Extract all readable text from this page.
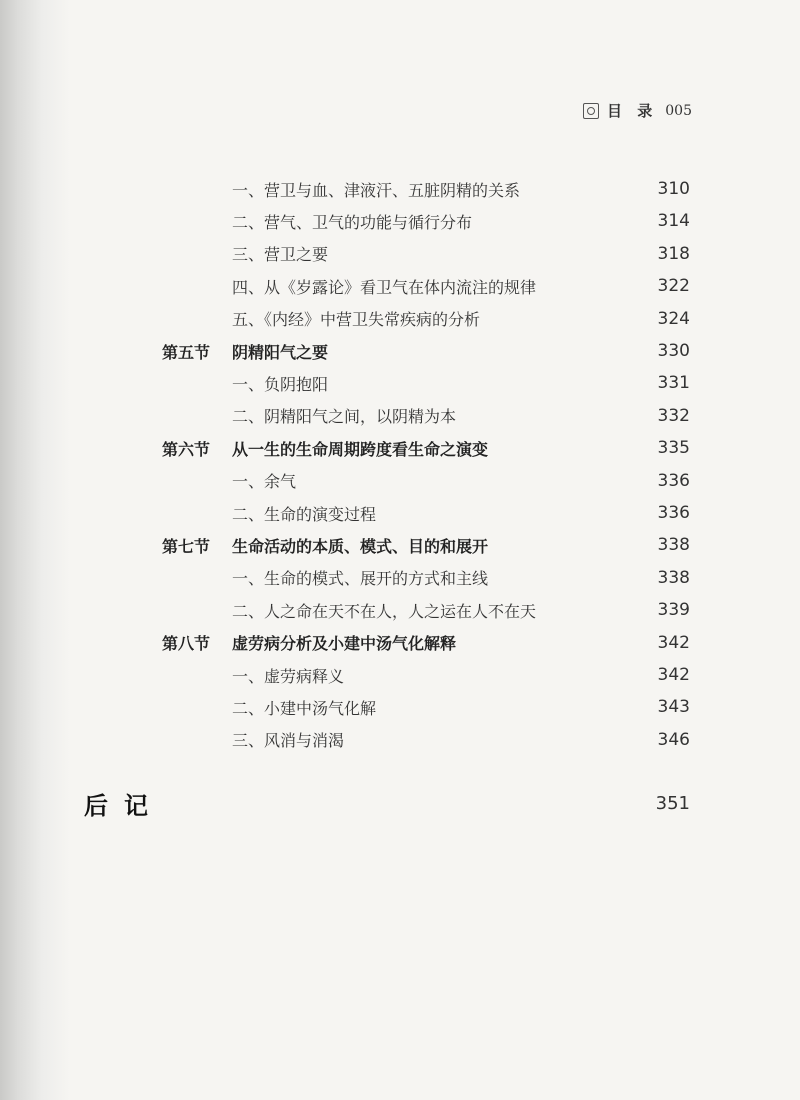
目 录 005
一、营卫与血、津液汗、五脏阴精的关系	310
二、营气、卫气的功能与循行分布	314
三、营卫之要	318
四、从《岁露论》看卫气在体内流注的规律	322
五、《内经》中营卫失常疾病的分析	324
第五节 阴精阳气之要	330
一、负阴抱阳	331
二、阴精阳气之间，以阴精为本	332
第六节 从一生的生命周期跨度看生命之演变	335
一、余气	336
二、生命的演变过程	336
第七节 生命活动的本质、模式、目的和展开	338
一、生命的模式、展开的方式和主线	338
二、人之命在天不在人，人之运在人不在天	339
第八节 虚劳病分析及小建中汤气化解释	342
一、虚劳病释义	342
二、小建中汤气化解	343
三、风消与消渴	346
后记	351
